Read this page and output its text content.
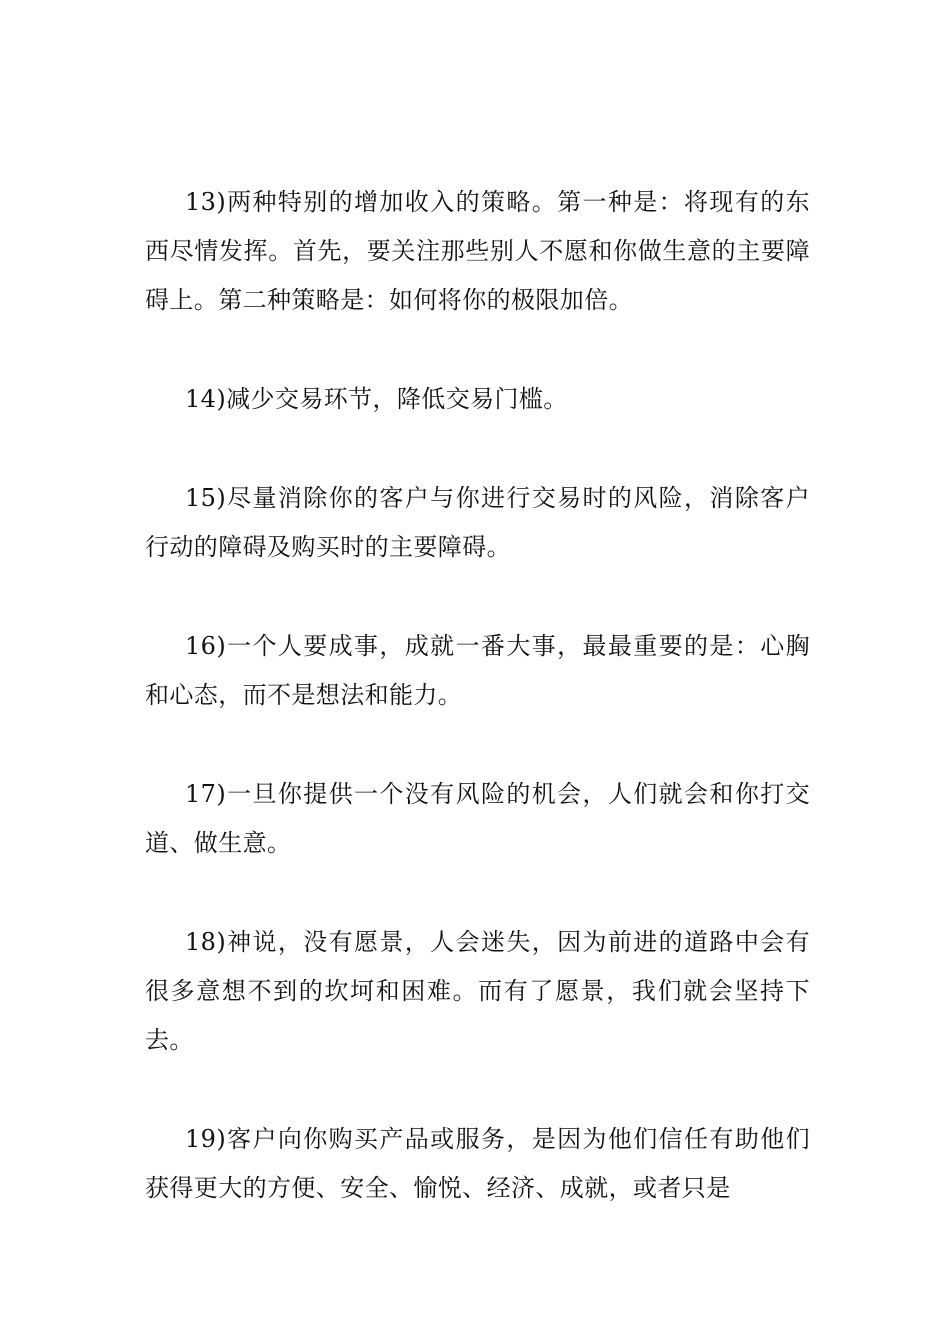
13)两种特别的增加收入的策略。第一种是：将现有的东西尽情发挥。首先，要关注那些别人不愿和你做生意的主要障碍上。第二种策略是：如何将你的极限加倍。

14)减少交易环节，降低交易门槛。

15)尽量消除你的客户与你进行交易时的风险，消除客户行动的障碍及购买时的主要障碍。

16)一个人要成事，成就一番大事，最最重要的是：心胸和心态，而不是想法和能力。

17)一旦你提供一个没有风险的机会，人们就会和你打交道、做生意。

18)神说，没有愿景，人会迷失，因为前进的道路中会有很多意想不到的坎坷和困难。而有了愿景，我们就会坚持下去。

19)客户向你购买产品或服务，是因为他们信任有助他们获得更大的方便、安全、愉悦、经济、成就，或者只是
